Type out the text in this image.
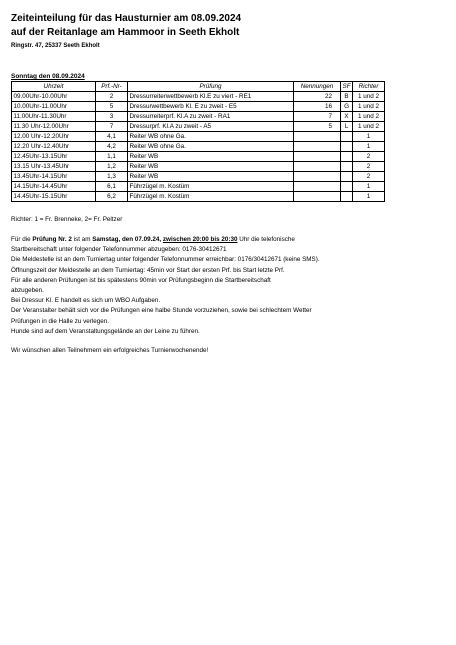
Zeiteinteilung für das Hausturnier am 08.09.2024

auf der Reitanlage am Hammoor in Seeth Ekholt

Ringstr. 47, 25337 Seeth Ekholt
Sonntag den 08.09.2024
Uhrzeit	Prf.-Nr-	Prüfung	Nennungen	SF	Richter
09.00Uhr-10.00Uhr	2	Dressurreiterwettbewerb Kl.E zu viert - RE1	22	B	1 und 2
10.00Uhr-11.00Uhr	5	Dressurwettbewerb Kl. E zu zweit - E5	16	G	1 und 2
11.00Uhr-11.30Uhr	3	Dressurreiterprf. Kl.A zu zweit - RA1	7	X	1 und 2
11.30 Uhr-12.00Uhr	7	Dressurprf. Kl.A zu zweit - A5	5	L	1 und 2
12.00 Uhr-12.20Uhr	4,1	Reiter WB ohne Ga.			1
12.20 Uhr-12.40Uhr	4,2	Reiter WB ohne Ga.			1
12.45Uhr-13.15Uhr	1,1	Reiter WB			2
13.15 Uhr-13.45Uhr	1,2	Reiter WB			2
13.45Uhr-14.15Uhr	1,3	Reiter WB			2
14.15Uhr-14.45Uhr	6,1	Führzügel m. Kostüm			1
14.45Uhr-15.15Uhr	6,2	Führzügel m. Kostüm			1
Richter: 1 = Fr. Brenneke, 2= Fr. Peltzer

Für die Prüfung Nr. 2 ist am Samstag, den 07.09.24, zwischen 20:00 bis 20:30 Uhr die telefonische

Startbereitschaft unter folgender Telefonnummer abzugeben: 0176-30412671

Die Meldestelle ist an dem Turniertag unter folgender Telefonnummer erreichbar: 0176/30412671 (keine SMS).

Öffnungszeit der Meldestelle an dem Turniertag: 45min vor Start der ersten Prf. bis Start letzte Prf.

Für alle anderen Prüfungen ist bis spätestens 90min vor Prüfungsbeginn die Startbereitschaft

abzugeben.

Bei Dressur Kl. E handelt es sich um WBO Aufgaben.

Der Veranstalter behält sich vor die Prüfungen eine halbe Stunde vorzuziehen, sowie bei schlechtem Wetter

Prüfungen in die Halle zu verlegen.

Hunde sind auf dem Veranstaltungsgelände an der Leine zu führen.

Wir wünschen allen Teilnehmern ein erfolgreiches Turnierwochenende!
